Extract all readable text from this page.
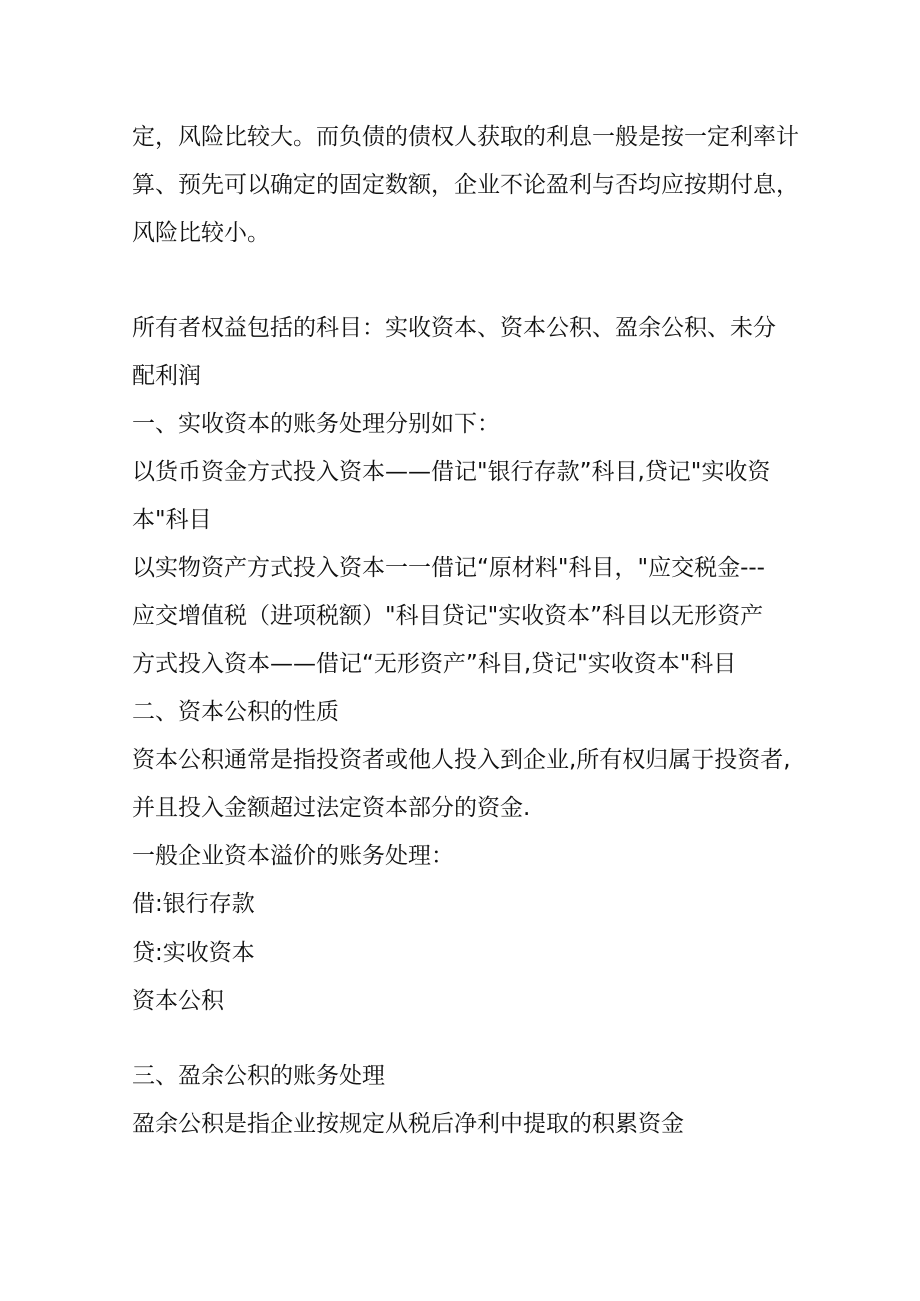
定，风险比较大。而负债的债权人获取的利息一般是按一定利率计
算、预先可以确定的固定数额，企业不论盈利与否均应按期付息，
风险比较小。
所有者权益包括的科目：实收资本、资本公积、盈余公积、未分
配利润
一、实收资本的账务处理分别如下：
以货币资金方式投入资本——借记"银行存款”科目,贷记"实收资
本"科目
以实物资产方式投入资本一一借记“原材料"科目，"应交税金---
应交增值税（进项税额）"科目贷记"实收资本”科目以无形资产
方式投入资本——借记“无形资产”科目,贷记"实收资本"科目
二、资本公积的性质
资本公积通常是指投资者或他人投入到企业,所有权归属于投资者,
并且投入金额超过法定资本部分的资金.
一般企业资本溢价的账务处理：
借:银行存款
贷:实收资本
资本公积
三、盈余公积的账务处理
盈余公积是指企业按规定从税后净利中提取的积累资金
